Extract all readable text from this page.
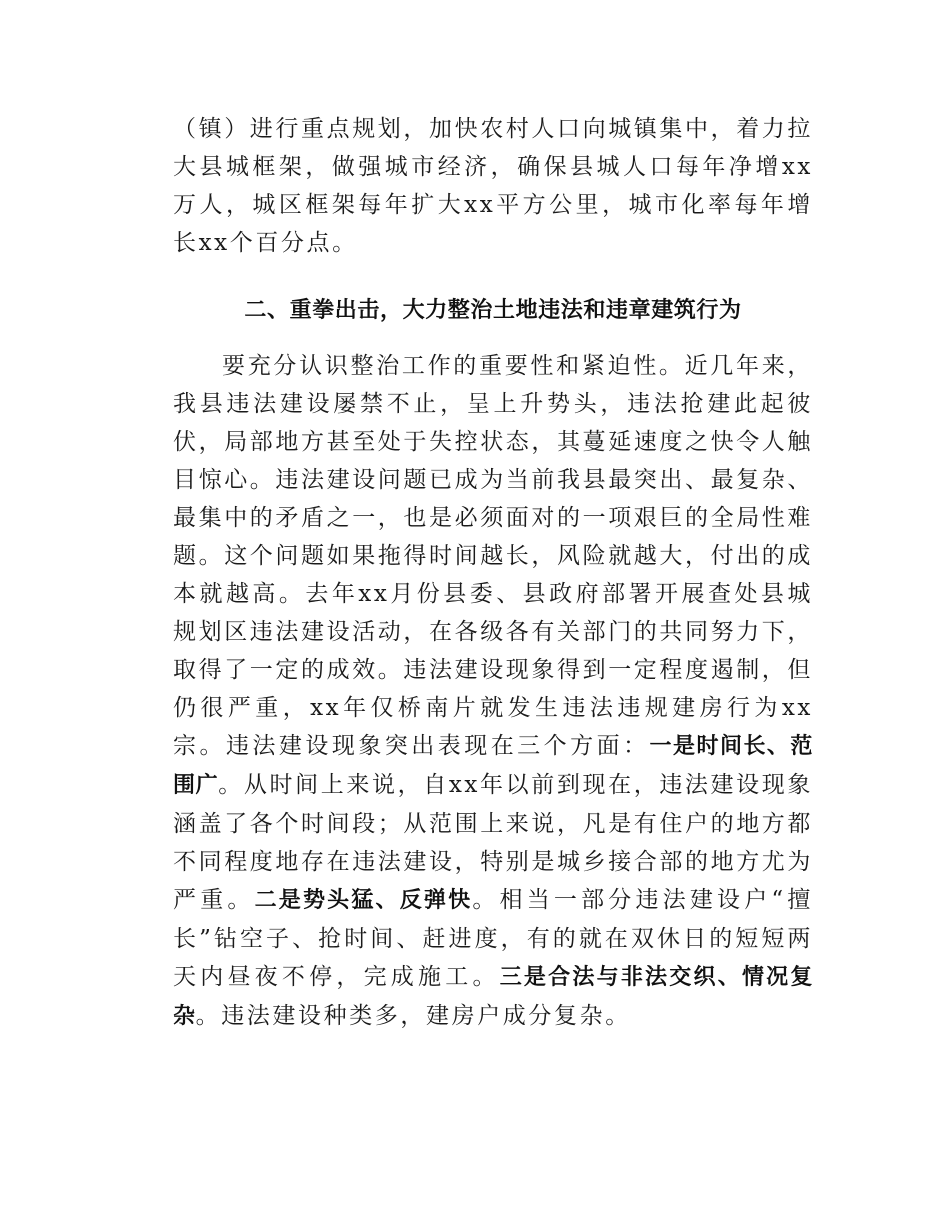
（镇）进行重点规划，加快农村人口向城镇集中，着力拉大县城框架，做强城市经济，确保县城人口每年净增xx万人，城区框架每年扩大xx平方公里，城市化率每年增长xx个百分点。
二、重拳出击，大力整治土地违法和违章建筑行为
要充分认识整治工作的重要性和紧迫性。近几年来，我县违法建设屡禁不止，呈上升势头，违法抢建此起彼伏，局部地方甚至处于失控状态，其蔓延速度之快令人触目惊心。违法建设问题已成为当前我县最突出、最复杂、最集中的矛盾之一，也是必须面对的一项艰巨的全局性难题。这个问题如果拖得时间越长，风险就越大，付出的成本就越高。去年xx月份县委、县政府部署开展查处县城规划区违法建设活动，在各级各有关部门的共同努力下，取得了一定的成效。违法建设现象得到一定程度遏制，但仍很严重，xx年仅桥南片就发生违法违规建房行为xx宗。违法建设现象突出表现在三个方面：一是时间长、范围广。从时间上来说，自xx年以前到现在，违法建设现象涵盖了各个时间段；从范围上来说，凡是有住户的地方都不同程度地存在违法建设，特别是城乡接合部的地方尤为严重。二是势头猛、反弹快。相当一部分违法建设户“擅长”钻空子、抢时间、赶进度，有的就在双休日的短短两天内昼夜不停，完成施工。三是合法与非法交织、情况复杂。违法建设种类多，建房户成分复杂。
